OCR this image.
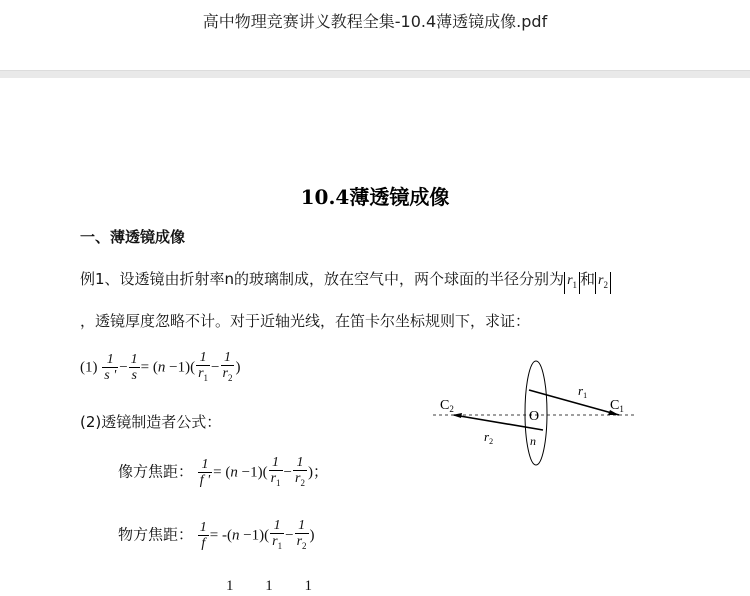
高中物理竞赛讲义教程全集-10.4薄透镜成像.pdf
10.4薄透镜成像
一、薄透镜成像
例1、设透镜由折射率n的玻璃制成，放在空气中，两个球面的半径分别为 $r_1$ 和 $r_2$
，透镜厚度忽略不计。对于近轴光线，在笛卡尔坐标规则下，求证：
$(1) \frac{1}{s '} - \frac{1}{s} = (n -1)( \frac{1}{r_1} - \frac{1}{r_2}$ )
(2)透镜制造者公式：
像方焦距： $\frac{1}{f '} = (n -1)( \frac{1}{r_1} - \frac{1}{r_2}$ )；
物方焦距： $\frac{1}{f} = -(n -1)( \frac{1}{r_1} - \frac{1}{r_2}$ )
1 1 1
$C_2$	$C_1$
O
n
$r_1$
$r_2$
